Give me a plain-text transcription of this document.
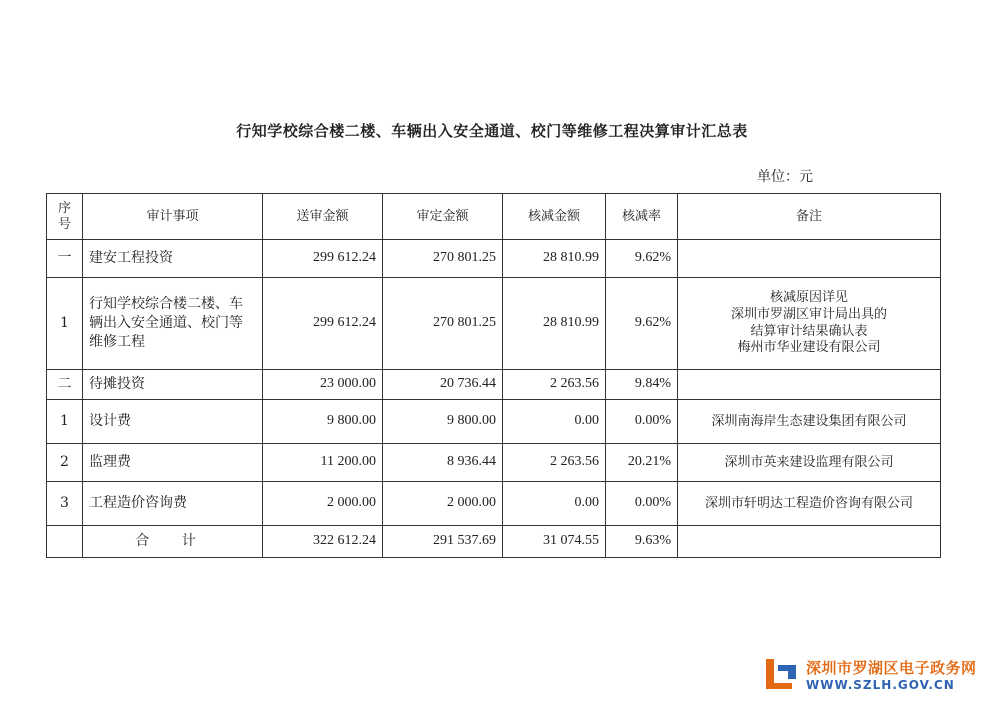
行知学校综合楼二楼、车辆出入安全通道、校门等维修工程决算审计汇总表
单位：元
序号	审计事项	送审金额	审定金额	核减金额	核减率	备注
一	建安工程投资	299 612.24	270 801.25	28 810.99	9.62%	
1	行知学校综合楼二楼、车辆出入安全通道、校门等维修工程	299 612.24	270 801.25	28 810.99	9.62%	核减原因详见
深圳市罗湖区审计局出具的
结算审计结果确认表
梅州市华业建设有限公司
二	待摊投资	23 000.00	20 736.44	2 263.56	9.84%	
1	设计费	9 800.00	9 800.00	0.00	0.00%	深圳南海岸生态建设集团有限公司
2	监理费	11 200.00	8 936.44	2 263.56	20.21%	深圳市英来建设监理有限公司
3	工程造价咨询费	2 000.00	2 000.00	0.00	0.00%	深圳市轩明达工程造价咨询有限公司
	合 计	322 612.24	291 537.69	31 074.55	9.63%	
深圳市罗湖区电子政务网
WWW.SZLH.GOV.CN
